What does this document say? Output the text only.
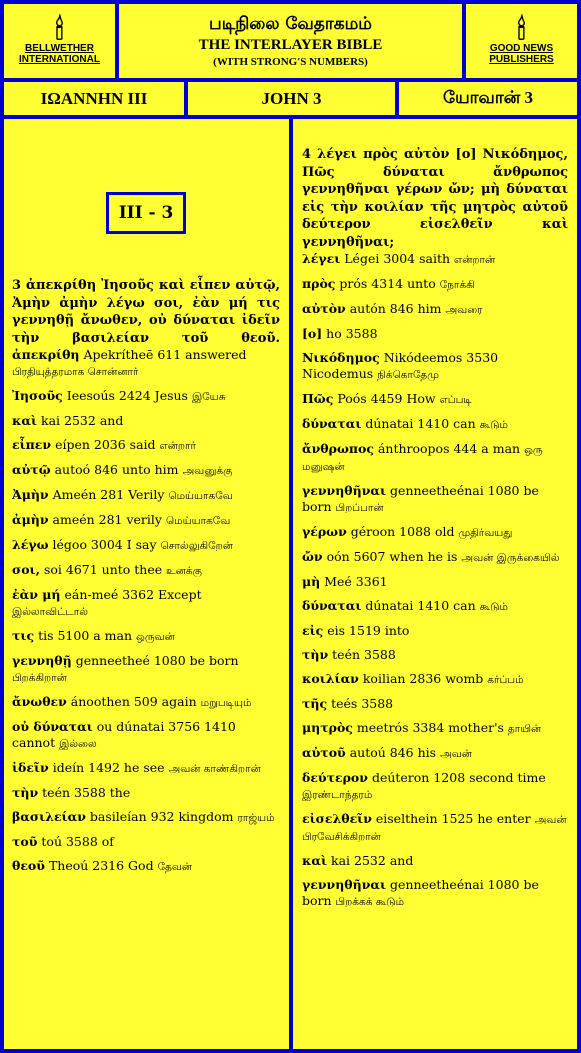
🕯
BELLWETHER
INTERNATIONAL
படிநிலை வேதாகமம்
THE INTERLAYER BIBLE
(WITH STRONG'S NUMBERS)
🕯
GOOD NEWS
PUBLISHERS
IΩANNHN III	JOHN 3	யோவான் 3
III - 3

3 ἀπεκρίθη Ἰησοῦς καὶ εἶπεν αὐτῷ, Ἀμὴν ἀμὴν λέγω σοι, ἐὰν μή τις γεννηθῇ ἄνωθεν, οὐ δύναται ἰδεῖν τὴν βασιλείαν τοῦ θεοῦ.

ἀπεκρίθη Apekrítheē 611 answered பிரதியுத்தரமாக சொன்னார்
Ἰησοῦς Ieesoús 2424 Jesus இயேசு
καὶ kai 2532 and
εἶπεν eípen 2036 said என்றார்
αὐτῷ autoó 846 unto him அவனுக்கு
Ἀμὴν Ameén 281 Verily மெய்யாகவே
ἀμὴν ameén 281 verily மெய்யாகவே
λέγω légoo 3004 I say சொல்லுகிறேன்
σοι, soi 4671 unto thee உனக்கு
ἐὰν μή eán-meé 3362 Except இல்லாவிட்டால்
τις tis 5100 a man ஒருவன்
γεννηθῇ genneetheé 1080 be born பிறக்கிறான்
ἄνωθεν ánoothen 509 again மறுபடியும்
οὐ δύναται ou dúnatai 3756 1410 cannot இல்லை
ἰδεῖν ideín 1492 he see அவன் காண்கிறான்
τὴν teén 3588 the
βασιλείαν basileían 932 kingdom ராஜ்யம்
τοῦ toú 3588 of
θεοῦ Theoú 2316 God தேவன்

4 λέγει πρὸς αὐτὸν [ο] Νικόδημος, Πῶς δύναται ἄνθρωπος γεννηθῆναι γέρων ὤν; μὴ δύναται εἰς τὴν κοιλίαν τῆς μητρὸς αὐτοῦ δεύτερον εἰσελθεῖν καὶ γεννηθῆναι;

λέγει Légei 3004 saith என்றான்
πρὸς prós 4314 unto நோக்கி
αὐτὸν autón 846 him அவரை
[ο] ho 3588
Νικόδημος Nikódeemos 3530 Nicodemus நிக்கொதேமு
Πῶς Poós 4459 How எப்படி
δύναται dúnatai 1410 can கூடும்
ἄνθρωπος ánthroopos 444 a man ஒரு மனுஷன்
γεννηθῆναι genneetheénai 1080 be born பிறப்பான்
γέρων géroon 1088 old முதிர்வயது
ὤν oón 5607 when he is அவன் இருக்கையில்
μὴ Meé 3361
δύναται dúnatai 1410 can கூடும்
εἰς eis 1519 into
τὴν teén 3588
κοιλίαν koilian 2836 womb கர்ப்பம்
τῆς teés 3588
μητρὸς meetrós 3384 mother's தாயின்
αὐτοῦ autoú 846 his அவன்
δεύτερον deúteron 1208 second time இரண்டாந்தரம்
εἰσελθεῖν eiselthein 1525 he enter அவன் பிரவேசிக்கிறான்
καὶ kai 2532 and
γεννηθῆναι genneetheénai 1080 be born பிறக்கக் கூடும்
